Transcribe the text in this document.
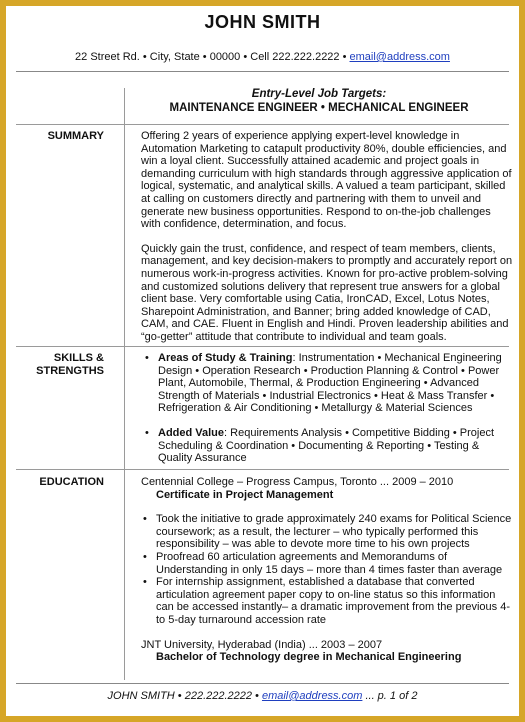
JOHN SMITH
22 Street Rd. • City, State • 00000 • Cell 222.222.2222 • email@address.com
Entry-Level Job Targets:
MAINTENANCE ENGINEER • MECHANICAL ENGINEER
SUMMARY	Offering 2 years of experience applying expert-level knowledge in Automation Marketing to catapult productivity 80%, double efficiencies, and win a loyal client. Successfully attained academic and project goals in demanding curriculum with high standards through aggressive application of logical, systematic, and analytical skills. A valued a team participant, skilled at calling on customers directly and partnering with them to unveil and generate new business opportunities. Respond to on-the-job challenges with confidence, determination, and focus.

Quickly gain the trust, confidence, and respect of team members, clients, management, and key decision-makers to promptly and accurately report on numerous work-in-progress activities. Known for pro-active problem-solving and customized solutions delivery that represent true answers for a global client base. Very comfortable using Catia, IronCAD, Excel, Lotus Notes, Sharepoint Administration, and Banner; bring added knowledge of CAD, CAM, and CAE. Fluent in English and Hindi. Proven leadership abilities and “go-getter” attitude that contribute to individual and team goals.

SKILLS &
STRENGTHS
• Areas of Study & Training: Instrumentation • Mechanical Engineering Design • Operation Research • Production Planning & Control • Power Plant, Automobile, Thermal, & Production Engineering • Advanced Strength of Materials • Industrial Electronics • Heat & Mass Transfer • Refrigeration & Air Conditioning • Metallurgy & Material Sciences
• Added Value: Requirements Analysis • Competitive Bidding • Project Scheduling & Coordination • Documenting & Reporting • Testing & Quality Assurance
EDUCATION	Centennial College – Progress Campus, Toronto ... 2009 – 2010

Certificate in Project Management

• Took the initiative to grade approximately 240 exams for Political Science coursework; as a result, the lecturer – who typically performed this responsibility – was able to devote more time to his own projects
• Proofread 60 articulation agreements and Memorandums of Understanding in only 15 days – more than 4 times faster than average
• For internship assignment, established a database that converted articulation agreement paper copy to on-line status so this information can be accessed instantly– a dramatic improvement from the previous 4- to 5-day turnaround accession rate

JNT University, Hyderabad (India) ... 2003 – 2007

Bachelor of Technology degree in Mechanical Engineering

JOHN SMITH • 222.222.2222 • email@address.com ... p. 1 of 2
